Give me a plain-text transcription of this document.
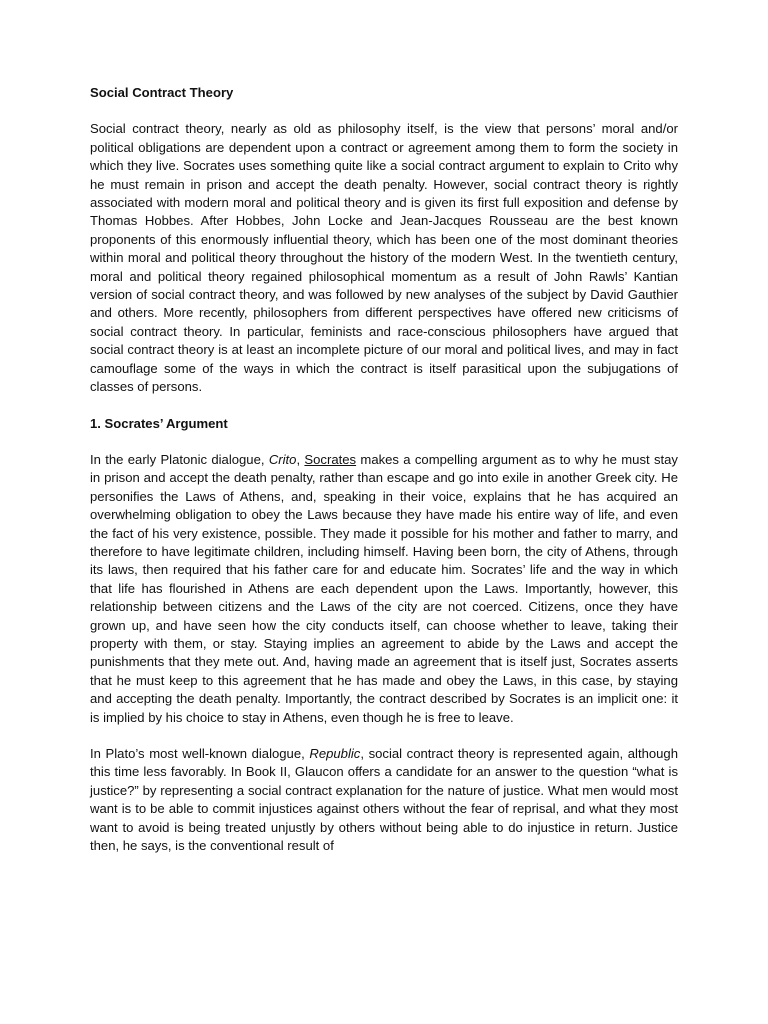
Social Contract Theory

Social contract theory, nearly as old as philosophy itself, is the view that persons’ moral and/or political obligations are dependent upon a contract or agreement among them to form the society in which they live. Socrates uses something quite like a social contract argument to explain to Crito why he must remain in prison and accept the death penalty. However, social contract theory is rightly associated with modern moral and political theory and is given its first full exposition and defense by Thomas Hobbes. After Hobbes, John Locke and Jean-Jacques Rousseau are the best known proponents of this enormously influential theory, which has been one of the most dominant theories within moral and political theory throughout the history of the modern West. In the twentieth century, moral and political theory regained philosophical momentum as a result of John Rawls’ Kantian version of social contract theory, and was followed by new analyses of the subject by David Gauthier and others. More recently, philosophers from different perspectives have offered new criticisms of social contract theory. In particular, feminists and race-conscious philosophers have argued that social contract theory is at least an incomplete picture of our moral and political lives, and may in fact camouflage some of the ways in which the contract is itself parasitical upon the subjugations of classes of persons.

1. Socrates’ Argument

In the early Platonic dialogue, Crito, Socrates makes a compelling argument as to why he must stay in prison and accept the death penalty, rather than escape and go into exile in another Greek city. He personifies the Laws of Athens, and, speaking in their voice, explains that he has acquired an overwhelming obligation to obey the Laws because they have made his entire way of life, and even the fact of his very existence, possible. They made it possible for his mother and father to marry, and therefore to have legitimate children, including himself. Having been born, the city of Athens, through its laws, then required that his father care for and educate him. Socrates’ life and the way in which that life has flourished in Athens are each dependent upon the Laws. Importantly, however, this relationship between citizens and the Laws of the city are not coerced. Citizens, once they have grown up, and have seen how the city conducts itself, can choose whether to leave, taking their property with them, or stay. Staying implies an agreement to abide by the Laws and accept the punishments that they mete out. And, having made an agreement that is itself just, Socrates asserts that he must keep to this agreement that he has made and obey the Laws, in this case, by staying and accepting the death penalty. Importantly, the contract described by Socrates is an implicit one: it is implied by his choice to stay in Athens, even though he is free to leave.

In Plato’s most well-known dialogue, Republic, social contract theory is represented again, although this time less favorably. In Book II, Glaucon offers a candidate for an answer to the question “what is justice?” by representing a social contract explanation for the nature of justice. What men would most want is to be able to commit injustices against others without the fear of reprisal, and what they most want to avoid is being treated unjustly by others without being able to do injustice in return. Justice then, he says, is the conventional result of
